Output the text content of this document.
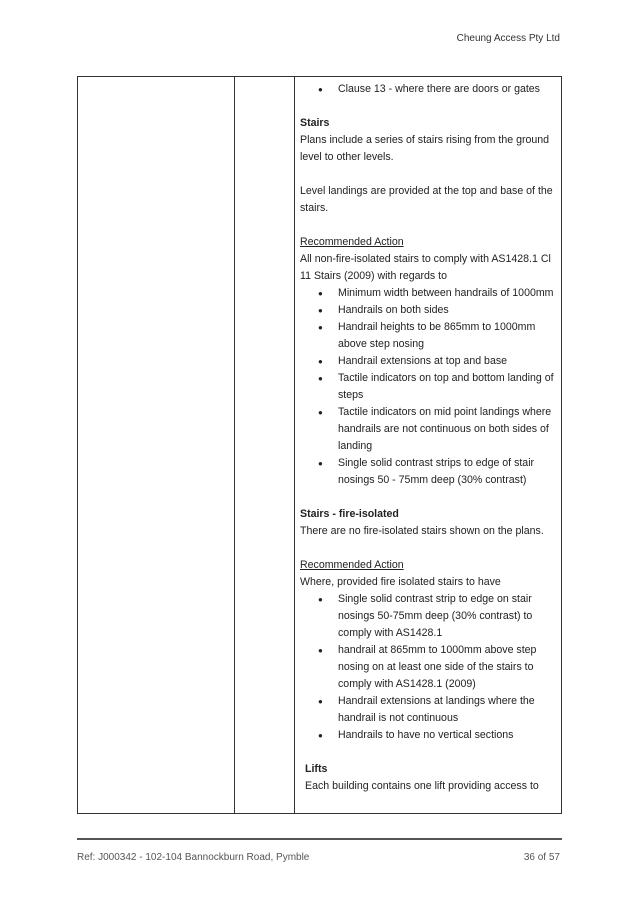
Cheung Access Pty Ltd
● Clause 13 - where there are doors or gates

Stairs

Plans include a series of stairs rising from the ground level to other levels.

Level landings are provided at the top and base of the stairs.

Recommended Action

All non-fire-isolated stairs to comply with AS1428.1 Cl 11 Stairs (2009) with regards to

● Minimum width between handrails of 1000mm
● Handrails on both sides
● Handrail heights to be 865mm to 1000mm above step nosing
● Handrail extensions at top and base
● Tactile indicators on top and bottom landing of steps
● Tactile indicators on mid point landings where handrails are not continuous on both sides of landing
● Single solid contrast strips to edge of stair nosings 50 - 75mm deep (30% contrast)

Stairs - fire-isolated

There are no fire-isolated stairs shown on the plans.

Recommended Action

Where, provided fire isolated stairs to have

● Single solid contrast strip to edge on stair nosings 50-75mm deep (30% contrast) to comply with AS1428.1
● handrail at 865mm to 1000mm above step nosing on at least one side of the stairs to comply with AS1428.1 (2009)
● Handrail extensions at landings where the handrail is not continuous
● Handrails to have no vertical sections

Lifts

Each building contains one lift providing access to

Ref: J000342 - 102-104 Bannockburn Road, Pymble	36 of 57
